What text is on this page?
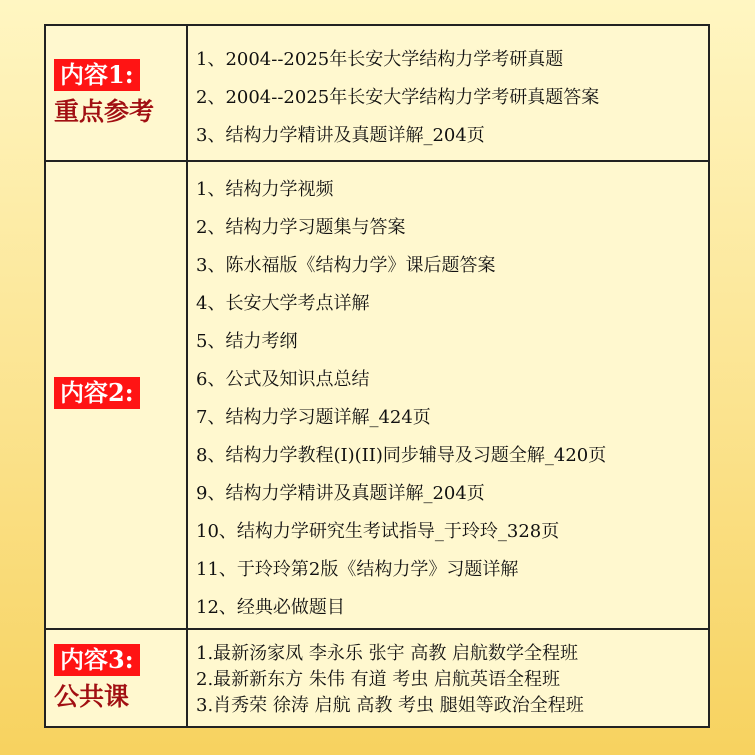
内容1:
重点参考
1、2004--2025年长安大学结构力学考研真题
2、2004--2025年长安大学结构力学考研真题答案
3、结构力学精讲及真题详解_204页
内容2:
1、结构力学视频
2、结构力学习题集与答案
3、陈水福版《结构力学》课后题答案
4、长安大学考点详解
5、结力考纲
6、公式及知识点总结
7、结构力学习题详解_424页
8、结构力学教程(I)(II)同步辅导及习题全解_420页
9、结构力学精讲及真题详解_204页
10、结构力学研究生考试指导_于玲玲_328页
11、于玲玲第2版《结构力学》习题详解
12、经典必做题目
内容3:
公共课
1.最新汤家凤 李永乐 张宇 高教 启航数学全程班
2.最新新东方 朱伟 有道 考虫 启航英语全程班
3.肖秀荣 徐涛 启航 高教 考虫 腿姐等政治全程班
